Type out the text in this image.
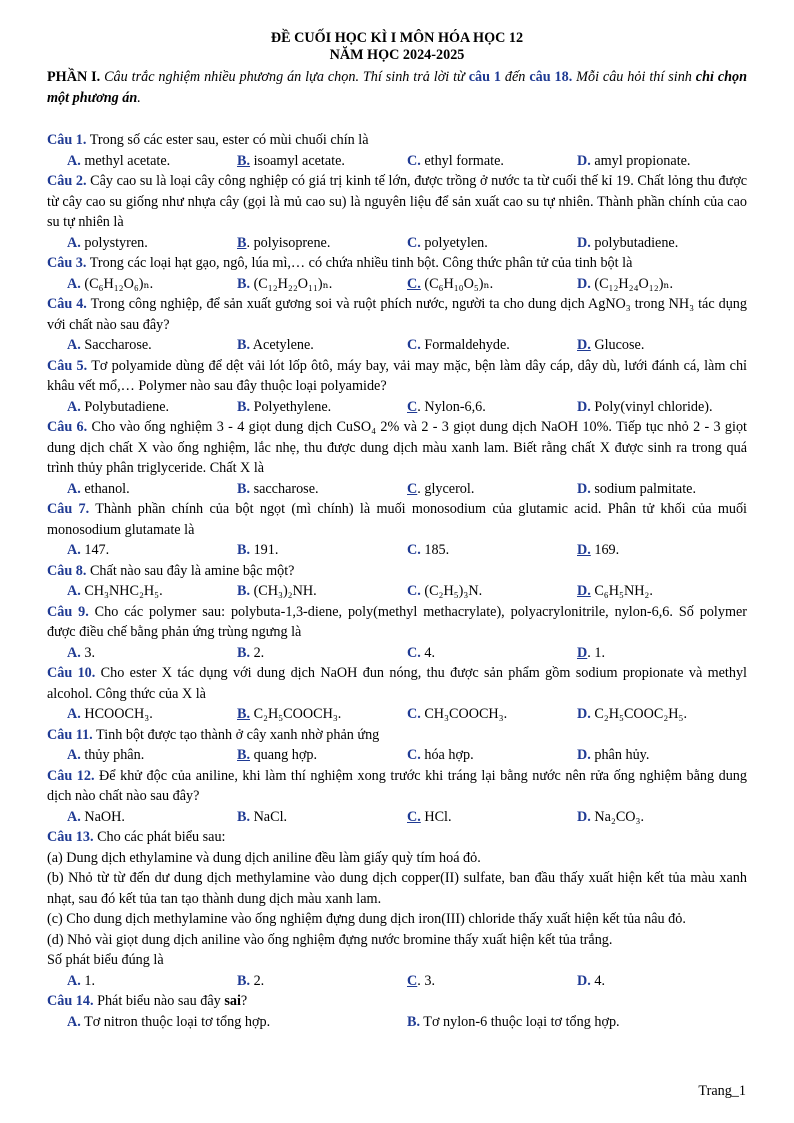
ĐỀ CUỐI HỌC KÌ I MÔN HÓA HỌC 12
NĂM HỌC 2024-2025
PHẦN I. Câu trắc nghiệm nhiều phương án lựa chọn. Thí sinh trả lời từ câu 1 đến câu 18. Mỗi câu hỏi thí sinh chỉ chọn một phương án.
Câu 1. Trong số các ester sau, ester có mùi chuối chín là
A. methyl acetate.	B. isoamyl acetate.	C. ethyl formate.	D. amyl propionate.
Câu 2. Cây cao su là loại cây công nghiệp có giá trị kinh tế lớn, được trồng ở nước ta từ cuối thế kỉ 19. Chất lỏng thu được từ cây cao su giống như nhựa cây (gọi là mủ cao su) là nguyên liệu để sản xuất cao su tự nhiên. Thành phần chính của cao su tự nhiên là
A. polystyren.	B. polyisoprene.	C. polyetylen.	D. polybutadiene.
Câu 3. Trong các loại hạt gạo, ngô, lúa mì,… có chứa nhiều tinh bột. Công thức phân tử của tinh bột là
A. (C₆H₁₂O₆)ₙ.	B. (C₁₂H₂₂O₁₁)ₙ.	C. (C₆H₁₀O₅)ₙ.	D. (C₁₂H₂₄O₁₂)ₙ.
Câu 4. Trong công nghiệp, để sản xuất gương soi và ruột phích nước, người ta cho dung dịch AgNO₃ trong NH₃ tác dụng với chất nào sau đây?
A. Saccharose.	B. Acetylene.	C. Formaldehyde.	D. Glucose.
Câu 5. Tơ polyamide dùng để dệt vải lót lốp ôtô, máy bay, vải may mặc, bện làm dây cáp, dây dù, lưới đánh cá, làm chỉ khâu vết mổ,… Polymer nào sau đây thuộc loại polyamide?
A. Polybutadiene.	B. Polyethylene.	C. Nylon-6,6.	D. Poly(vinyl chloride).
Câu 6. Cho vào ống nghiệm 3 - 4 giọt dung dịch CuSO₄ 2% và 2 - 3 giọt dung dịch NaOH 10%. Tiếp tục nhỏ 2 - 3 giọt dung dịch chất X vào ống nghiệm, lắc nhẹ, thu được dung dịch màu xanh lam. Biết rằng chất X được sinh ra trong quá trình thủy phân triglyceride. Chất X là
A. ethanol.	B. saccharose.	C. glycerol.	D. sodium palmitate.
Câu 7. Thành phần chính của bột ngọt (mì chính) là muối monosodium của glutamic acid. Phân tử khối của muối monosodium glutamate là
A. 147.	B. 191.	C. 185.	D. 169.
Câu 8. Chất nào sau đây là amine bậc một?
A. CH₃NHC₂H₅.	B. (CH₃)₂NH.	C. (C₂H₅)₃N.	D. C₆H₅NH₂.
Câu 9. Cho các polymer sau: polybuta-1,3-diene, poly(methyl methacrylate), polyacrylonitrile, nylon-6,6. Số polymer được điều chế bằng phản ứng trùng ngưng là
A. 3.	B. 2.	C. 4.	D. 1.
Câu 10. Cho ester X tác dụng với dung dịch NaOH đun nóng, thu được sản phẩm gồm sodium propionate và methyl alcohol. Công thức của X là
A. HCOOCH₃.	B. C₂H₅COOCH₃.	C. CH₃COOCH₃.	D. C₂H₅COOC₂H₅.
Câu 11. Tinh bột được tạo thành ở cây xanh nhờ phản ứng
A. thủy phân.	B. quang hợp.	C. hóa hợp.	D. phân hủy.
Câu 12. Để khử độc của aniline, khi làm thí nghiệm xong trước khi tráng lại bằng nước nên rửa ống nghiệm bằng dung dịch nào chất nào sau đây?
A. NaOH.	B. NaCl.	C. HCl.	D. Na₂CO₃.
Câu 13. Cho các phát biểu sau:
(a) Dung dịch ethylamine và dung dịch aniline đều làm giấy quỳ tím hoá đỏ.
(b) Nhỏ từ từ đến dư dung dịch methylamine vào dung dịch copper(II) sulfate, ban đầu thấy xuất hiện kết tủa màu xanh nhạt, sau đó kết tủa tan tạo thành dung dịch màu xanh lam.
(c) Cho dung dịch methylamine vào ống nghiệm đựng dung dịch iron(III) chloride thấy xuất hiện kết tủa nâu đỏ.
(d) Nhỏ vài giọt dung dịch aniline vào ống nghiệm đựng nước bromine thấy xuất hiện kết tủa trắng.
Số phát biểu đúng là
A. 1.	B. 2.	C. 3.	D. 4.
Câu 14. Phát biểu nào sau đây sai?
A. Tơ nitron thuộc loại tơ tổng hợp.	B. Tơ nylon-6 thuộc loại tơ tổng hợp.
Trang_1
